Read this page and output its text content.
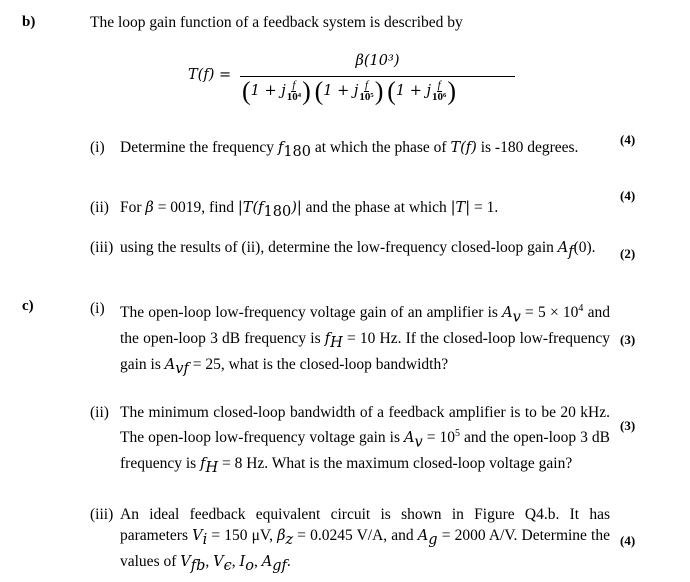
b)	The loop gain function of a feedback system is described by
T(f) =
β(10³)
(1 + j $\frac{f}{\text{10⁴}}$ ) (1 + j $\frac{f}{\text{10⁵}}$ ) (1 + j $\frac{f}{\text{10⁶}}$ )
(i) Determine the frequency $f_{180}$ at which the phase of T(f) is -180 degrees.	(4)
(ii) For β = 0019, find $|T(f_{180})|$ and the phase at which |T| = 1.
(4)
(iii) using the results of (ii), determine the low-frequency closed-loop gain $A_f(0)$.	(2)
c)	(i) The open-loop low-frequency voltage gain of an amplifier is $A_v = 5 \times 10^4$ and the open-loop 3 dB frequency is $f_H = 10$ Hz. If the closed-loop low-frequency gain is $A_{vf} = 25$, what is the closed-loop bandwidth?
(3)
(ii) The minimum closed-loop bandwidth of a feedback amplifier is to be 20 kHz. The open-loop low-frequency voltage gain is $A_v = 10^5$ and the open-loop 3 dB frequency is $f_H = 8$ Hz. What is the maximum closed-loop voltage gain?
(3)
(iii) An ideal feedback equivalent circuit is shown in Figure Q4.b. It has parameters $V_i = 150$ μV, $\beta_z = 0.0245$ V/A, and $A_g = 2000$ A/V. Determine the values of $V_{fb}$, $V_\epsilon$, $I_o$, $A_{gf}$.
(4)
